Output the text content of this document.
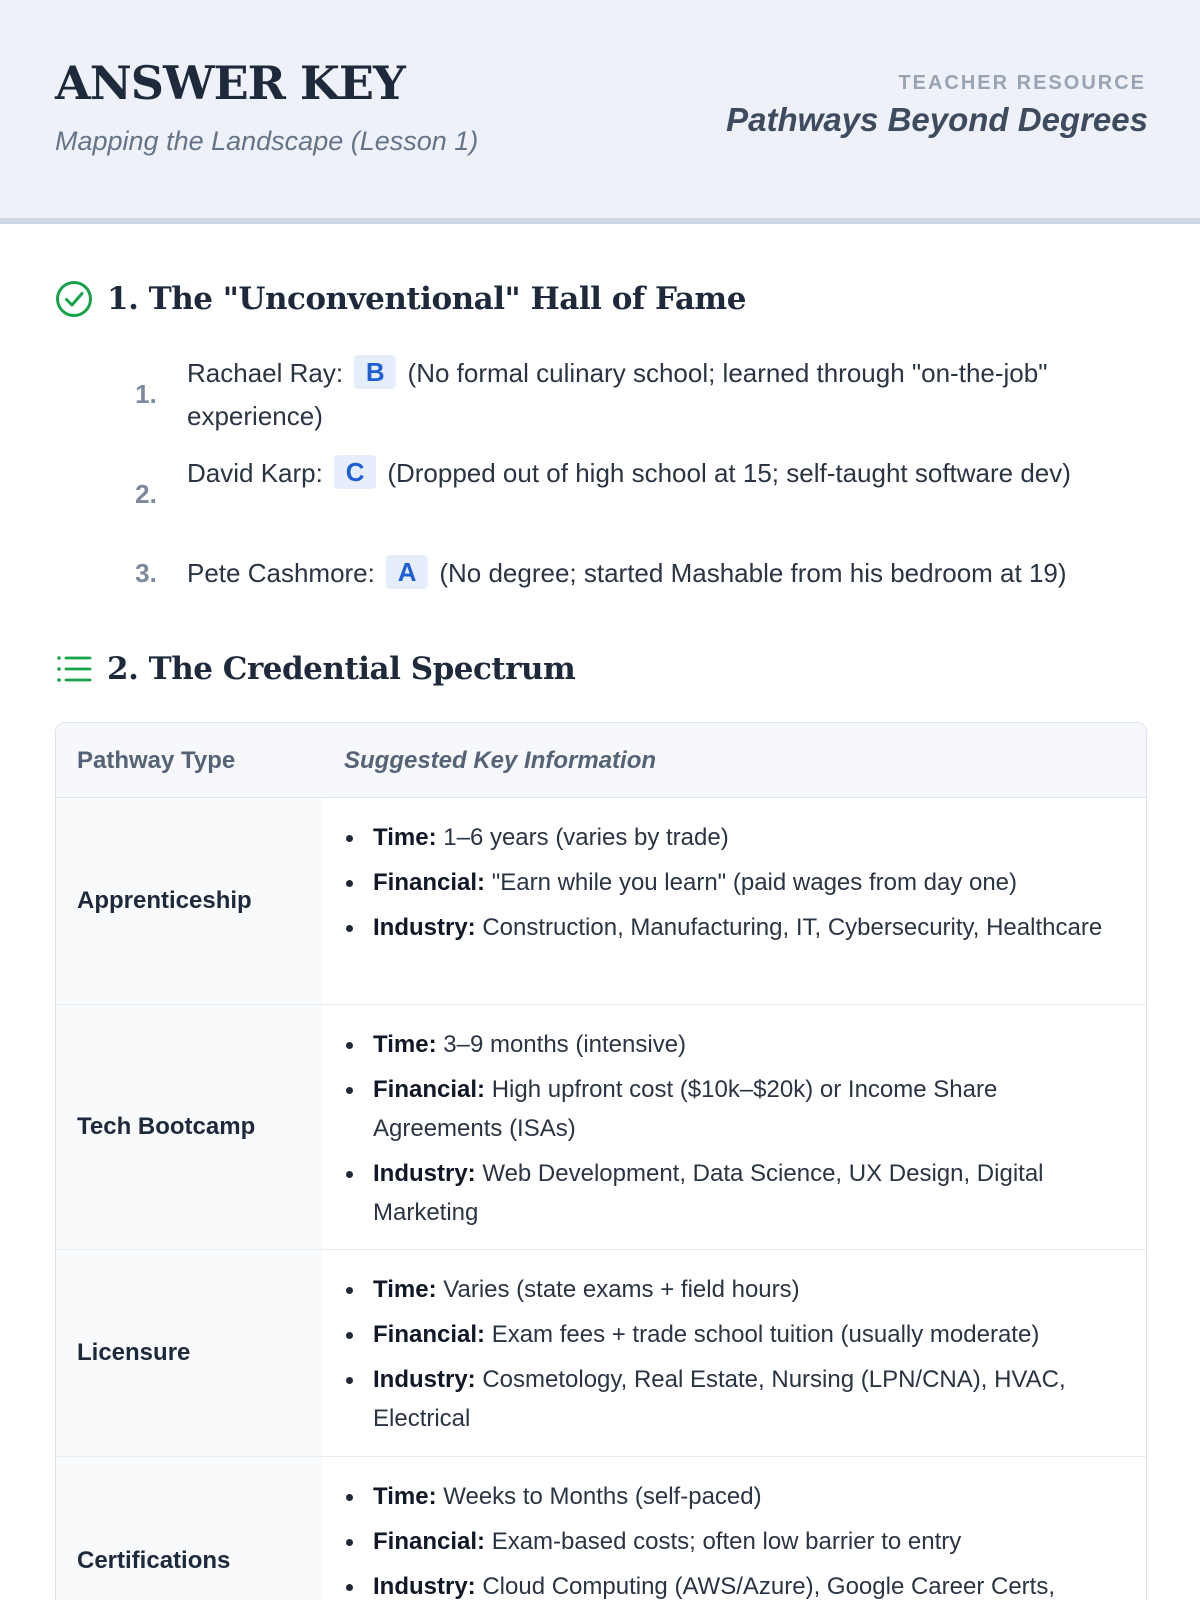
ANSWER KEY
Mapping the Landscape (Lesson 1)
TEACHER RESOURCE
Pathways Beyond Degrees
1. The "Unconventional" Hall of Fame
1.
Rachael Ray: B (No formal culinary school; learned through "on-the-job" experience)
2.
David Karp: C (Dropped out of high school at 15; self-taught software dev)
3. Pete Cashmore: A (No degree; started Mashable from his bedroom at 19)
2. The Credential Spectrum
Pathway Type	Suggested Key Information
Apprenticeship
Time: 1–6 years (varies by trade)
Financial: "Earn while you learn" (paid wages from day one)
Industry: Construction, Manufacturing, IT, Cybersecurity, Healthcare
Tech Bootcamp
Time: 3–9 months (intensive)
Financial: High upfront cost ($10k–$20k) or Income Share Agreements (ISAs)
Industry: Web Development, Data Science, UX Design, Digital Marketing
Licensure
Time: Varies (state exams + field hours)
Financial: Exam fees + trade school tuition (usually moderate)
Industry: Cosmetology, Real Estate, Nursing (LPN/CNA), HVAC, Electrical
Certifications
Time: Weeks to Months (self-paced)
Financial: Exam-based costs; often low barrier to entry
Industry: Cloud Computing (AWS/Azure), Google Career Certs,
